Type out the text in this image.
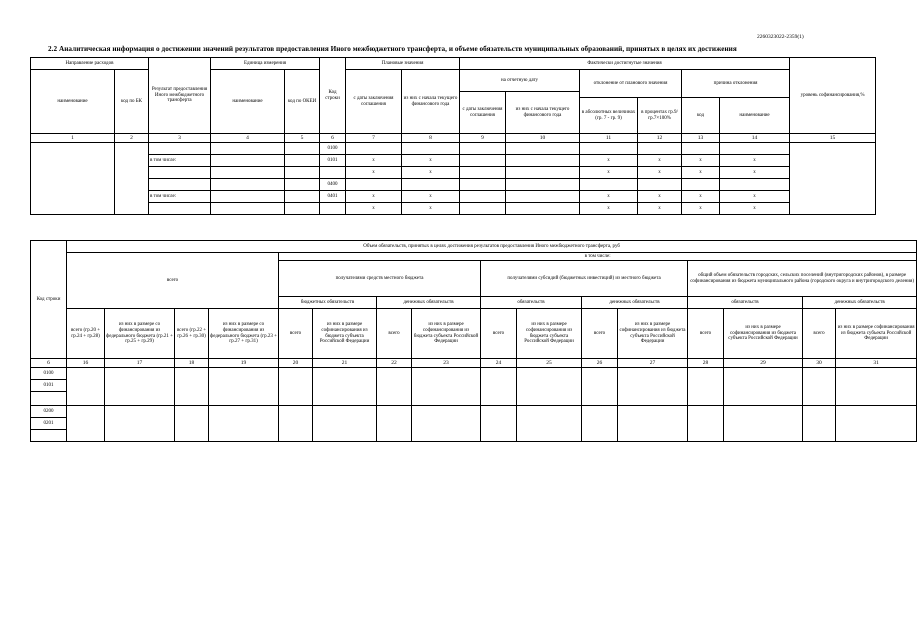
2260323022-2359(1)
2.2 Аналитическая информация о достижении значений результатов предоставления Иного межбюджетного трансферта, и объеме обязательств муниципальных образований, принятых в целях их достижения
Направление расходов		Результат предоставления Иного межбюджетного трансферта	Единица измерения		Код строки	Плановые значения		Фактически достигнутые значения						уровень софинансирования,%
наименование	код по БК		наименование	код по ОКЕИ		с даты заключения соглашения	из них с начала текущего финансового года	на отчетную дату		отклонение от планового значения		причина отклонения		
								с даты заключения соглашения	из них с начала текущего финансового года					
										в абсолютных величинах (гр. 7 - гр. 9)	в процентах гр.9/гр.7×100%	код	наименование	
1	2	3	4	5	6	7	8	9	10	11	12	13	14	15
					0100									
		в том числе:			0101	x	x			x	x	x	x	
						x	x			x	x	x	x	
					0400									
		в том числе:			0401	x	x			x	x	x	x	
						x	x			x	x	x	x	
Код строки	Объем обязательств, принятых в целях достижения результатов предоставления Иного межбюджетного трансферта, руб															
	всего				в том числе:											
					получателями средств местного бюджета				получателями субсидий (бюджетных инвестиций) из местного бюджета				общий объем обязательств городских, сельских поселений (внутригородских районов), в размере софинансирования из бюджета муниципального района (городского округа и внутригородского деления)			
					бюджетных обязательств		денежных обязательств		обязательств		денежных обязательств		обязательств		денежных обязательств	
	всего (гр.20 + гр.24 + гр.28)	из них в размере со финансирования из федерального бюджета (гр.21 + гр.25 + гр.29)	всего (гр.22 + гр.26 + гр.30)	из них в размере со финансирования из федерального бюджета (гр.23 + гр.27 + гр.31)	всего	из них в размере софинансирования из бюджета субъекта Российской Федерации	всего	из них в размере софинансирования из бюджета субъекта Российской Федерации	всего	из них в размере софинансирования из бюджета субъекта Российской Федерации	всего	из них в размере софинансирования из бюджета субъекта Российской Федерации	всего	из них в размере софинансирования из бюджета субъекта Российской Федерации	всего	из них в размере софинансирования из бюджета субъекта Российской Федерации
6	16	17	18	19	20	21	22	23	24	25	26	27	28	29	30	31
0100																
0101																

0200																
0201																
